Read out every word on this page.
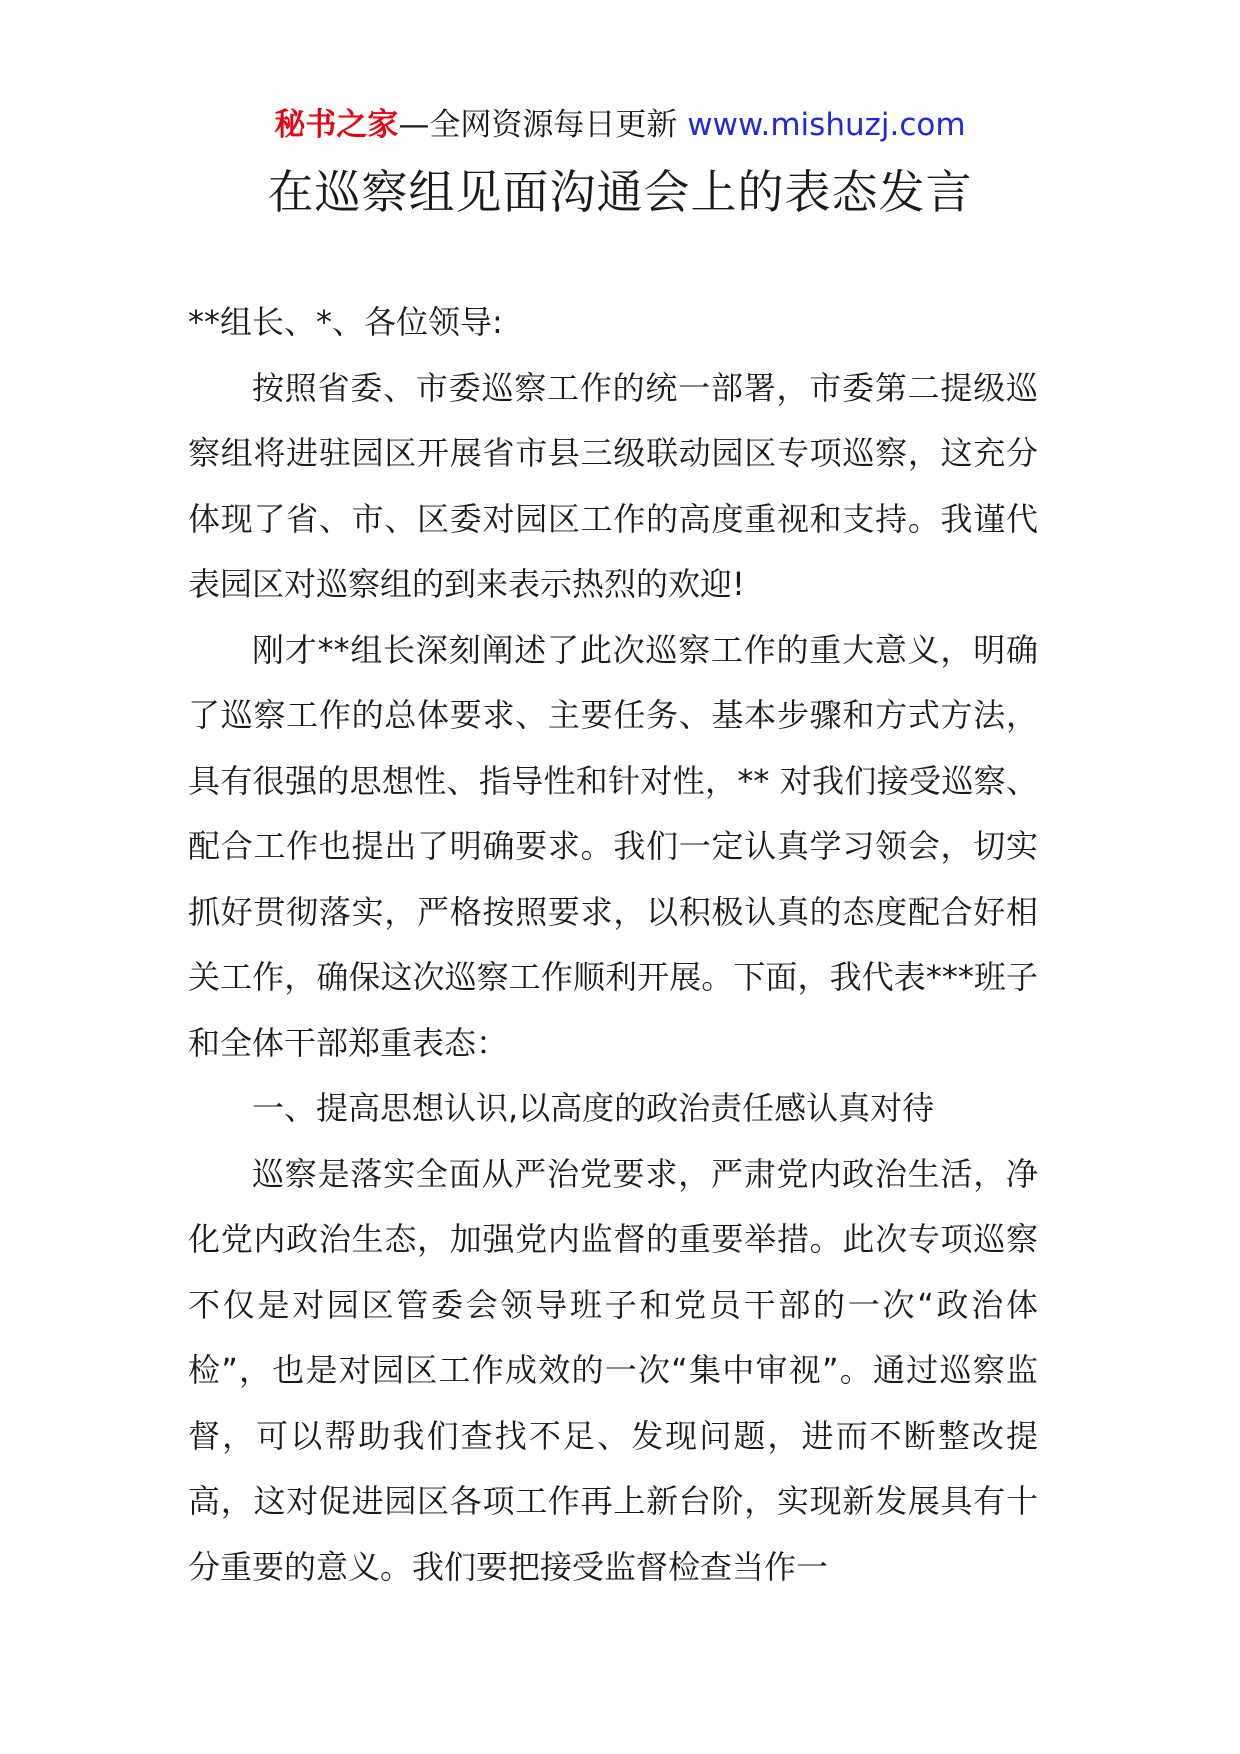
秘书之家—全网资源每日更新 www.mishuzj.com
在巡察组见面沟通会上的表态发言

**组长、*、各位领导:

按照省委、市委巡察工作的统一部署，市委第二提级巡察组将进驻园区开展省市县三级联动园区专项巡察，这充分体现了省、市、区委对园区工作的高度重视和支持。我谨代表园区对巡察组的到来表示热烈的欢迎!

刚才**组长深刻阐述了此次巡察工作的重大意义，明确了巡察工作的总体要求、主要任务、基本步骤和方式方法，具有很强的思想性、指导性和针对性，** 对我们接受巡察、配合工作也提出了明确要求。我们一定认真学习领会，切实抓好贯彻落实，严格按照要求，以积极认真的态度配合好相关工作，确保这次巡察工作顺利开展。下面，我代表***班子和全体干部郑重表态：

一、提高思想认识,以高度的政治责任感认真对待

巡察是落实全面从严治党要求，严肃党内政治生活，净化党内政治生态，加强党内监督的重要举措。此次专项巡察不仅是对园区管委会领导班子和党员干部的一次“政治体检”，也是对园区工作成效的一次“集中审视”。通过巡察监督，可以帮助我们查找不足、发现问题，进而不断整改提高，这对促进园区各项工作再上新台阶，实现新发展具有十分重要的意义。我们要把接受监督检查当作一
